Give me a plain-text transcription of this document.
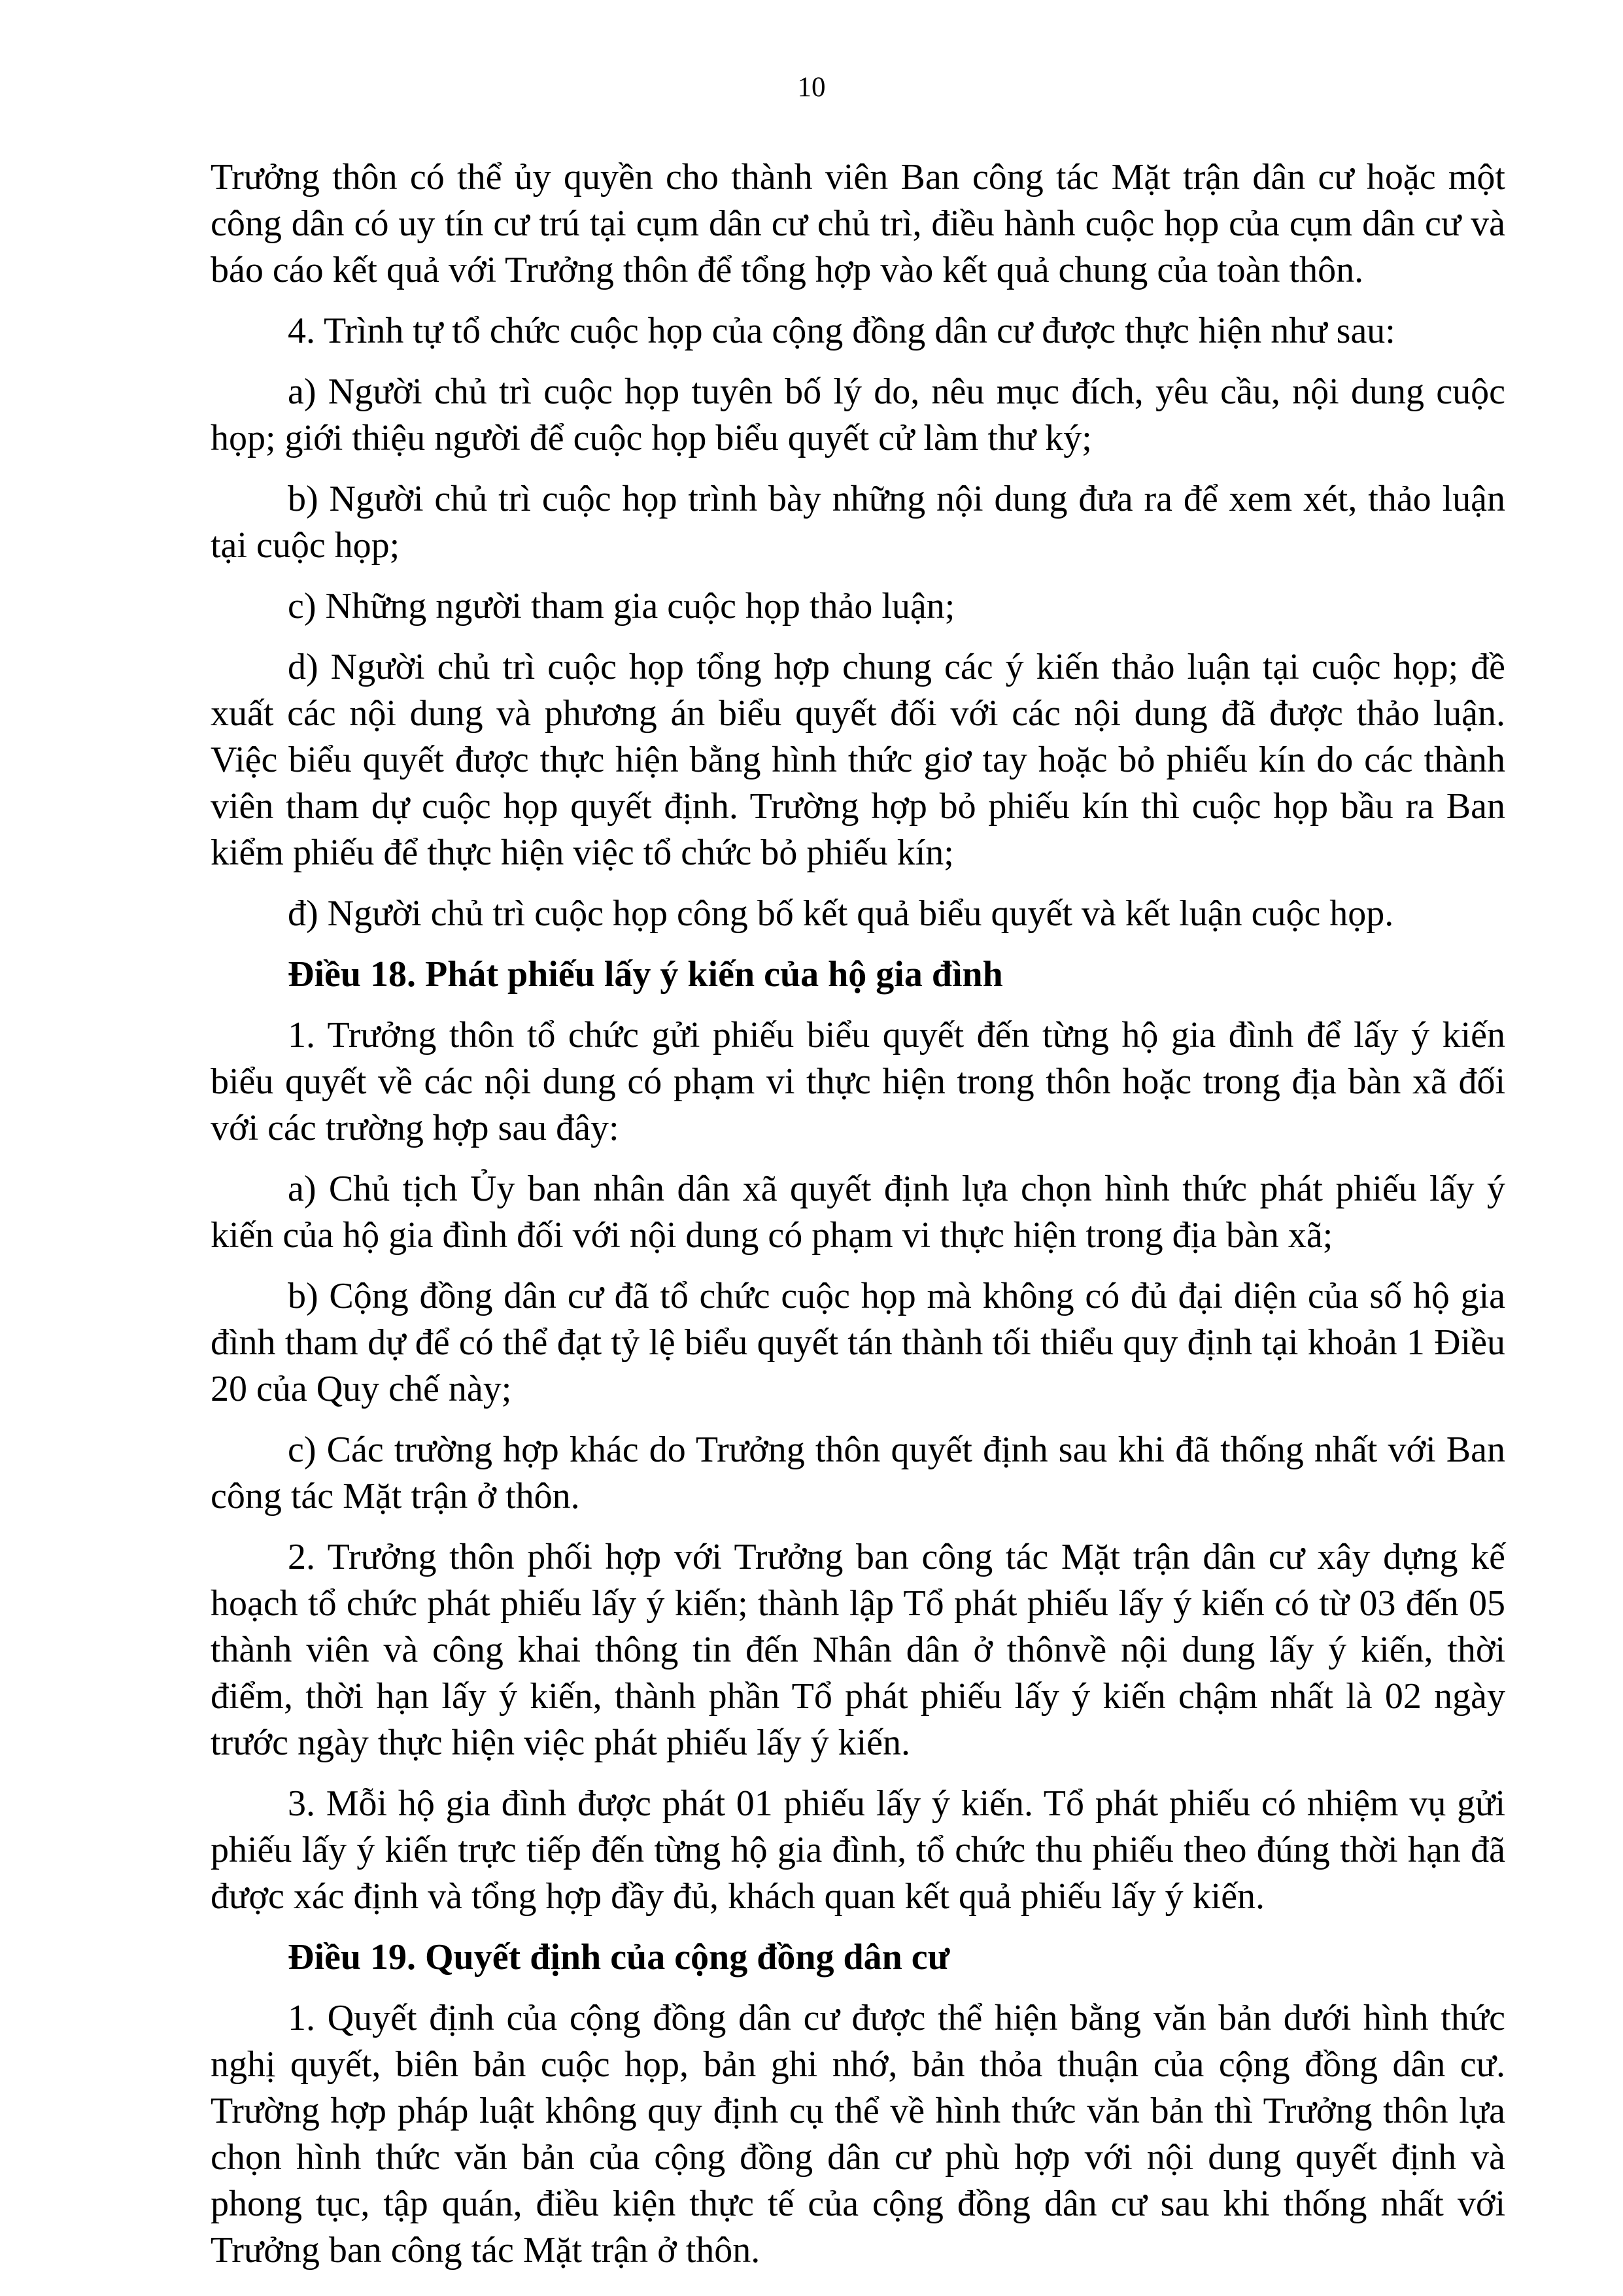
10

Trưởng thôn có thể ủy quyền cho thành viên Ban công tác Mặt trận dân cư hoặc một công dân có uy tín cư trú tại cụm dân cư chủ trì, điều hành cuộc họp của cụm dân cư và báo cáo kết quả với Trưởng thôn để tổng hợp vào kết quả chung của toàn thôn.

4. Trình tự tổ chức cuộc họp của cộng đồng dân cư được thực hiện như sau:

a) Người chủ trì cuộc họp tuyên bố lý do, nêu mục đích, yêu cầu, nội dung cuộc họp; giới thiệu người để cuộc họp biểu quyết cử làm thư ký;

b) Người chủ trì cuộc họp trình bày những nội dung đưa ra để xem xét, thảo luận tại cuộc họp;

c) Những người tham gia cuộc họp thảo luận;

d) Người chủ trì cuộc họp tổng hợp chung các ý kiến thảo luận tại cuộc họp; đề xuất các nội dung và phương án biểu quyết đối với các nội dung đã được thảo luận. Việc biểu quyết được thực hiện bằng hình thức giơ tay hoặc bỏ phiếu kín do các thành viên tham dự cuộc họp quyết định. Trường hợp bỏ phiếu kín thì cuộc họp bầu ra Ban kiểm phiếu để thực hiện việc tổ chức bỏ phiếu kín;

đ) Người chủ trì cuộc họp công bố kết quả biểu quyết và kết luận cuộc họp.

Điều 18. Phát phiếu lấy ý kiến của hộ gia đình

1. Trưởng thôn tổ chức gửi phiếu biểu quyết đến từng hộ gia đình để lấy ý kiến biểu quyết về các nội dung có phạm vi thực hiện trong thôn hoặc trong địa bàn xã đối với các trường hợp sau đây:

a) Chủ tịch Ủy ban nhân dân xã quyết định lựa chọn hình thức phát phiếu lấy ý kiến của hộ gia đình đối với nội dung có phạm vi thực hiện trong địa bàn xã;

b) Cộng đồng dân cư đã tổ chức cuộc họp mà không có đủ đại diện của số hộ gia đình tham dự để có thể đạt tỷ lệ biểu quyết tán thành tối thiểu quy định tại khoản 1 Điều 20 của Quy chế này;

c) Các trường hợp khác do Trưởng thôn quyết định sau khi đã thống nhất với Ban công tác Mặt trận ở thôn.

2. Trưởng thôn phối hợp với Trưởng ban công tác Mặt trận dân cư xây dựng kế hoạch tổ chức phát phiếu lấy ý kiến; thành lập Tổ phát phiếu lấy ý kiến có từ 03 đến 05 thành viên và công khai thông tin đến Nhân dân ở thônvề nội dung lấy ý kiến, thời điểm, thời hạn lấy ý kiến, thành phần Tổ phát phiếu lấy ý kiến chậm nhất là 02 ngày trước ngày thực hiện việc phát phiếu lấy ý kiến.

3. Mỗi hộ gia đình được phát 01 phiếu lấy ý kiến. Tổ phát phiếu có nhiệm vụ gửi phiếu lấy ý kiến trực tiếp đến từng hộ gia đình, tổ chức thu phiếu theo đúng thời hạn đã được xác định và tổng hợp đầy đủ, khách quan kết quả phiếu lấy ý kiến.

Điều 19. Quyết định của cộng đồng dân cư

1. Quyết định của cộng đồng dân cư được thể hiện bằng văn bản dưới hình thức nghị quyết, biên bản cuộc họp, bản ghi nhớ, bản thỏa thuận của cộng đồng dân cư. Trường hợp pháp luật không quy định cụ thể về hình thức văn bản thì Trưởng thôn lựa chọn hình thức văn bản của cộng đồng dân cư phù hợp với nội dung quyết định và phong tục, tập quán, điều kiện thực tế của cộng đồng dân cư sau khi thống nhất với Trưởng ban công tác Mặt trận ở thôn.
